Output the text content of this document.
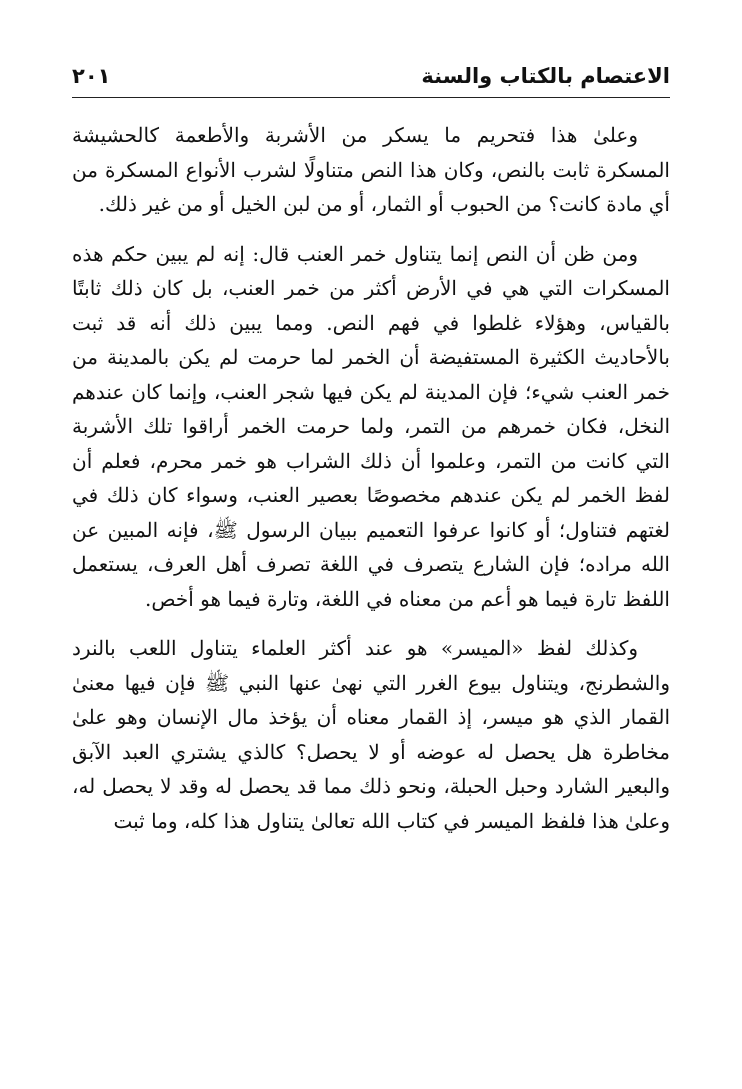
الاعتصام بالكتاب والسنة
٢٠١

وعلىٰ هذا فتحريم ما يسكر من الأشربة والأطعمة كالحشيشة المسكرة ثابت بالنص، وكان هذا النص متناولًا لشرب الأنواع المسكرة من أي مادة كانت؟ من الحبوب أو الثمار، أو من لبن الخيل أو من غير ذلك.

ومن ظن أن النص إنما يتناول خمر العنب قال: إنه لم يبين حكم هذه المسكرات التي هي في الأرض أكثر من خمر العنب، بل كان ذلك ثابتًا بالقياس، وهؤلاء غلطوا في فهم النص. ومما يبين ذلك أنه قد ثبت بالأحاديث الكثيرة المستفيضة أن الخمر لما حرمت لم يكن بالمدينة من خمر العنب شيء؛ فإن المدينة لم يكن فيها شجر العنب، وإنما كان عندهم النخل، فكان خمرهم من التمر، ولما حرمت الخمر أراقوا تلك الأشربة التي كانت من التمر، وعلموا أن ذلك الشراب هو خمر محرم، فعلم أن لفظ الخمر لم يكن عندهم مخصوصًا بعصير العنب، وسواء كان ذلك في لغتهم فتناول؛ أو كانوا عرفوا التعميم ببيان الرسول ﷺ، فإنه المبين عن الله مراده؛ فإن الشارع يتصرف في اللغة تصرف أهل العرف، يستعمل اللفظ تارة فيما هو أعم من معناه في اللغة، وتارة فيما هو أخص.

وكذلك لفظ «الميسر» هو عند أكثر العلماء يتناول اللعب بالنرد والشطرنج، ويتناول بيوع الغرر التي نهىٰ عنها النبي ﷺ فإن فيها معنىٰ القمار الذي هو ميسر، إذ القمار معناه أن يؤخذ مال الإنسان وهو علىٰ مخاطرة هل يحصل له عوضه أو لا يحصل؟ كالذي يشتري العبد الآبق والبعير الشارد وحبل الحبلة، ونحو ذلك مما قد يحصل له وقد لا يحصل له، وعلىٰ هذا فلفظ الميسر في كتاب الله تعالىٰ يتناول هذا كله، وما ثبت
